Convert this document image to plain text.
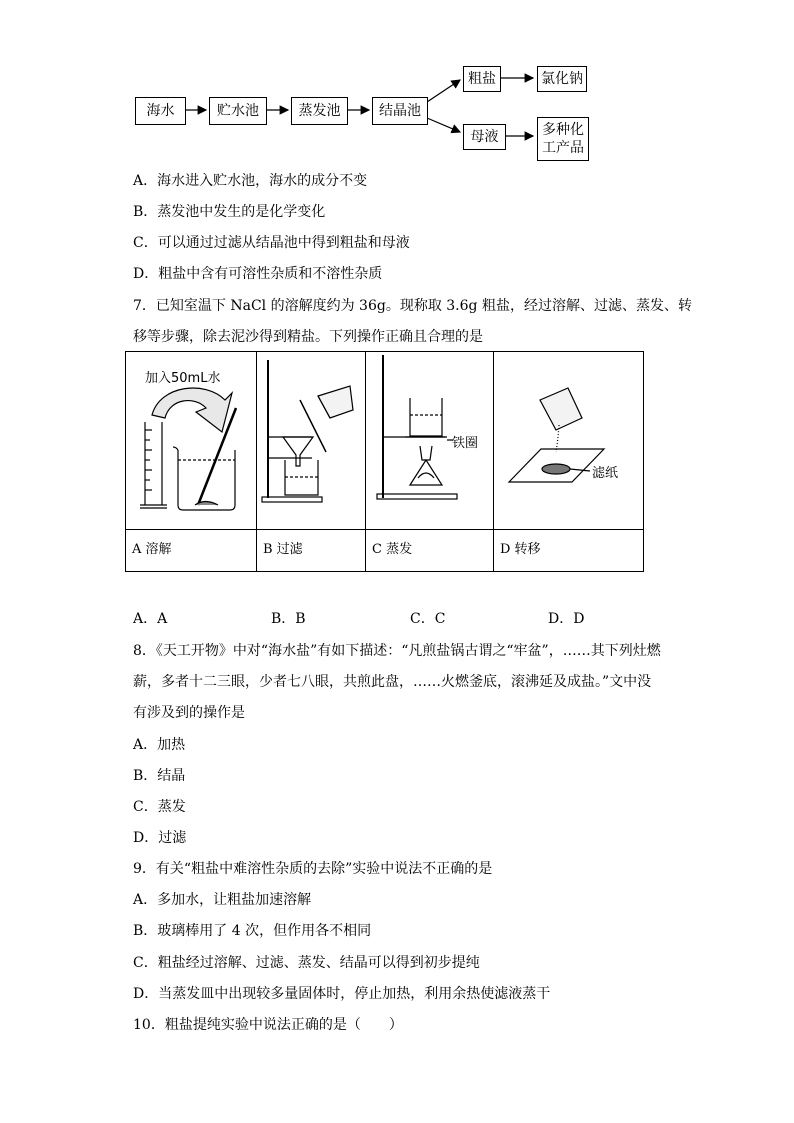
海水	贮水池	蒸发池	结晶池
粗盐	氯化钠
母液	多种化
工产品
A．海水进入贮水池，海水的成分不变
B．蒸发池中发生的是化学变化
C．可以通过过滤从结晶池中得到粗盐和母液
D．粗盐中含有可溶性杂质和不溶性杂质
7．已知室温下 NaCl 的溶解度约为 36g。现称取 3.6g 粗盐，经过溶解、过滤、蒸发、转
移等步骤，除去泥沙得到精盐。下列操作正确且合理的是
加入50mL水
铁圈
滤纸
A 溶解	B 过滤	C 蒸发	D 转移
A．A	B．B	C．C	D．D
8．《天工开物》中对“海水盐”有如下描述：“凡煎盐锅古谓之“牢盆”，……其下列灶燃
薪，多者十二三眼，少者七八眼，共煎此盘，……火燃釜底，滚沸延及成盐。”文中没
有涉及到的操作是
A．加热
B．结晶
C．蒸发
D．过滤
9．有关“粗盐中难溶性杂质的去除”实验中说法不正确的是
A．多加水，让粗盐加速溶解
B．玻璃棒用了 4 次，但作用各不相同
C．粗盐经过溶解、过滤、蒸发、结晶可以得到初步提纯
D．当蒸发皿中出现较多量固体时，停止加热，利用余热使滤液蒸干
10．粗盐提纯实验中说法正确的是（　　）
